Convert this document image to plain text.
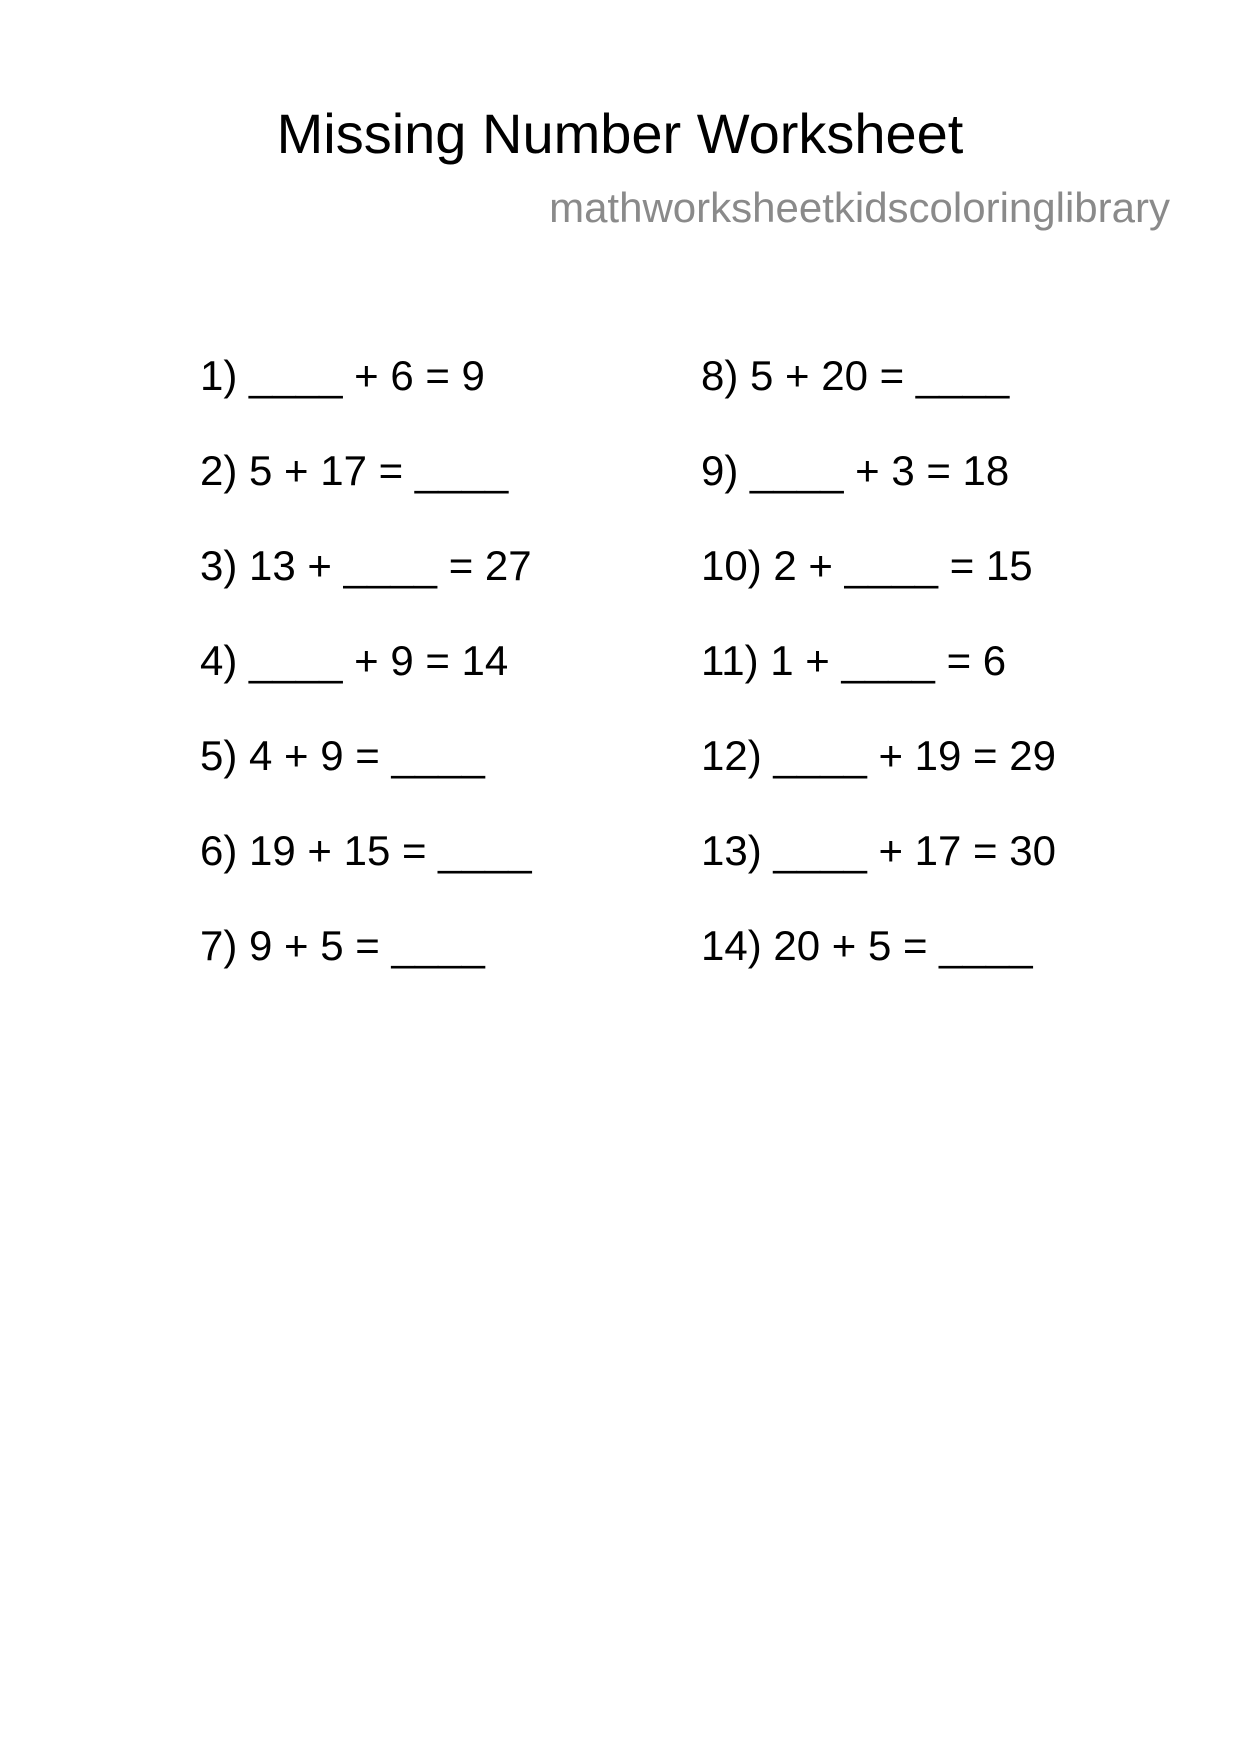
Missing Number Worksheet
mathworksheetkidscoloringlibrary
1) ____ + 6 = 9
2) 5 + 17 = ____
3) 13 + ____ = 27
4) ____ + 9 = 14
5) 4 + 9 = ____
6) 19 + 15 = ____
7) 9 + 5 = ____
8) 5 + 20 = ____
9) ____ + 3 = 18
10) 2 + ____ = 15
11) 1 + ____ = 6
12) ____ + 19 = 29
13) ____ + 17 = 30
14) 20 + 5 = ____
